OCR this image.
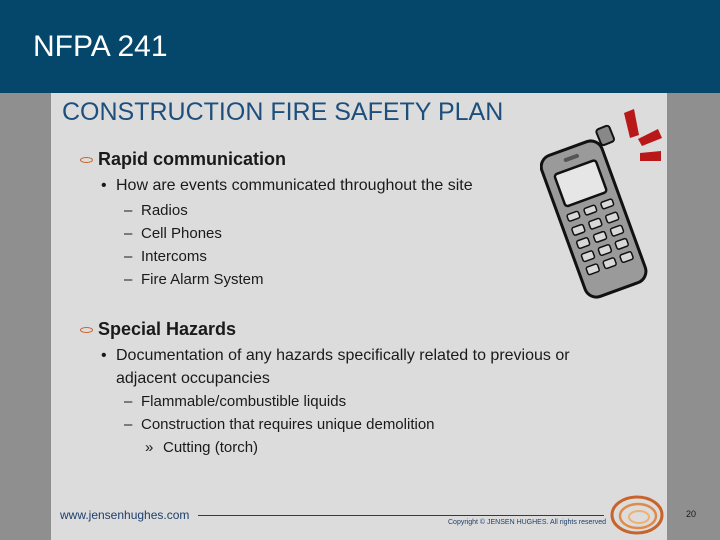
NFPA 241
CONSTRUCTION FIRE SAFETY PLAN
Rapid communication
• How are events communicated throughout the site
– Radios
– Cell Phones
– Intercoms
– Fire Alarm System
Special Hazards
• Documentation of any hazards specifically related to previous or
adjacent occupancies
– Flammable/combustible liquids
– Construction that requires unique demolition
» Cutting (torch)
www.jensenhughes.com
Copyright © JENSEN HUGHES. All rights reserved
20
